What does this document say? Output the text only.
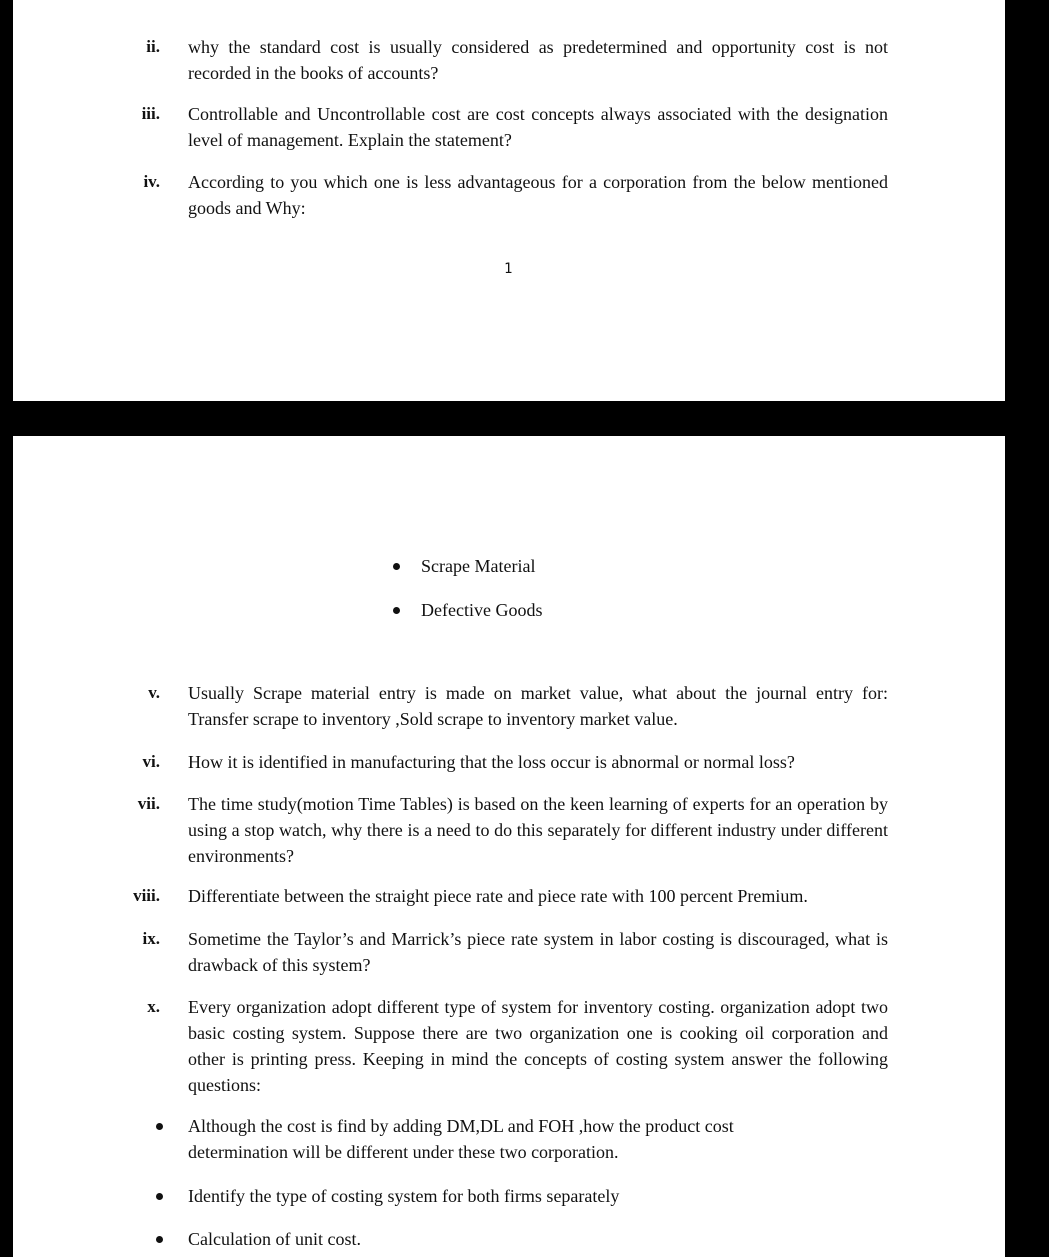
ii. why the standard cost is usually considered as predetermined and opportunity cost is not recorded in the books of accounts?
iii. Controllable and Uncontrollable cost are cost concepts always associated with the designation level of management. Explain the statement?
iv. According to you which one is less advantageous for a corporation from the below mentioned goods and Why:
1
Scrape Material
Defective Goods
v. Usually Scrape material entry is made on market value, what about the journal entry for: Transfer scrape to inventory ,Sold scrape to inventory market value.
vi. How it is identified in manufacturing that the loss occur is abnormal or normal loss?
vii. The time study(motion Time Tables) is based on the keen learning of experts for an operation by using a stop watch, why there is a need to do this separately for different industry under different environments?
viii. Differentiate between the straight piece rate and piece rate with 100 percent Premium.
ix. Sometime the Taylor’s and Marrick’s piece rate system in labor costing is discouraged, what is drawback of this system?
x. Every organization adopt different type of system for inventory costing. organization adopt two basic costing system. Suppose there are two organization one is cooking oil corporation and other is printing press. Keeping in mind the concepts of costing system answer the following questions:
Although the cost is find by adding DM,DL and FOH ,how the product cost determination will be different under these two corporation.
Identify the type of costing system for both firms separately
Calculation of unit cost.
